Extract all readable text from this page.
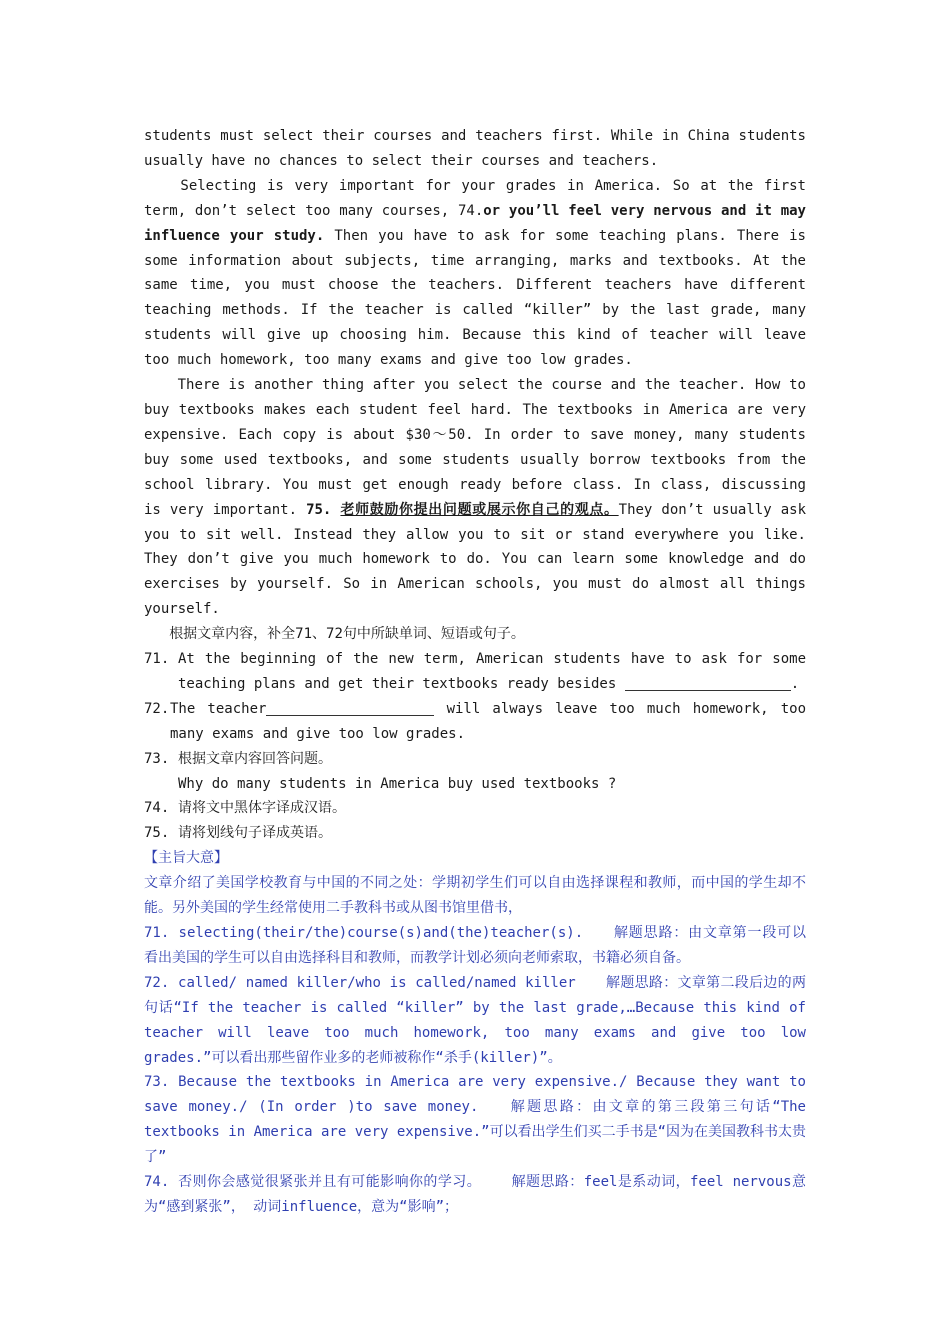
students must select their courses and teachers first. While in China students usually have no chances to select their courses and teachers.

Selecting is very important for your grades in America. So at the first term, don’t select too many courses, 74.or you’ll feel very nervous and it may influence your study. Then you have to ask for some teaching plans. There is some information about subjects, time arranging, marks and textbooks. At the same time, you must choose the teachers. Different teachers have different teaching methods. If the teacher is called “killer” by the last grade, many students will give up choosing him. Because this kind of teacher will leave too much homework, too many exams and give too low grades.

There is another thing after you select the course and the teacher. How to buy textbooks makes each student feel hard. The textbooks in America are very expensive. Each copy is about $30～50. In order to save money, many students buy some used textbooks, and some students usually borrow textbooks from the school library. You must get enough ready before class. In class, discussing is very important. 75. 老师鼓励你提出问题或展示你自己的观点。They don’t usually ask you to sit well. Instead they allow you to sit or stand everywhere you like. They don’t give you much homework to do. You can learn some knowledge and do exercises by yourself. So in American schools, you must do almost all things yourself.

根据文章内容，补全71、72句中所缺单词、短语或句子。

71. At the beginning of the new term, American students have to ask for some teaching plans and get their textbooks ready besides	.

72. The teacher	will always leave too much homework, too many exams and give too low grades.

73. 根据文章内容回答问题。

Why do many students in America buy used textbooks ?

74. 请将文中黑体字译成汉语。

75. 请将划线句子译成英语。

【主旨大意】

文章介绍了美国学校教育与中国的不同之处：学期初学生们可以自由选择课程和教师，而中国的学生却不能。另外美国的学生经常使用二手教科书或从图书馆里借书，

71. selecting(their/the)course(s)and(the)teacher(s). 解题思路：由文章第一段可以看出美国的学生可以自由选择科目和教师，而教学计划必须向老师索取，书籍必须自备。

72. called/ named killer/who is called/named killer 解题思路：文章第二段后边的两句话“If the teacher is called “killer” by the last grade,…Because this kind of teacher will leave too much homework, too many exams and give too low grades.”可以看出那些留作业多的老师被称作“杀手(killer)”。

73. Because the textbooks in America are very expensive./ Because they want to save money./ (In order )to save money. 解题思路：由文章的第三段第三句话“The textbooks in America are very expensive.”可以看出学生们买二手书是“因为在美国教科书太贵了”

74. 否则你会感觉很紧张并且有可能影响你的学习。 解题思路：feel是系动词，feel nervous意为“感到紧张”， 动词influence，意为“影响”；
